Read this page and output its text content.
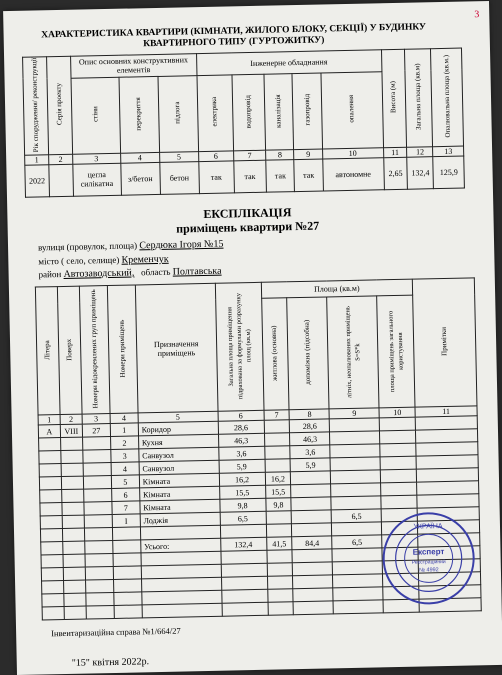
3
ХАРАКТЕРИСТИКА КВАРТИРИ (КІМНАТИ, ЖИЛОГО БЛОКУ, СЕКЦІЇ) У БУДИНКУ КВАРТИРНОГО ТИПУ (ГУРТОЖИТКУ)
Рік спорудження/ реконструкції	Серія проекту	Опис основних конструктивних елементів			Інженерне обладнання					Висота (м)	Загальна площа (кв.м)	Опалювальна площа (кв.м.)
		стіни	перекриття	підлога	електрика	водопровід	каналізація	газопровід	опалення			
1	2	3	4	5	6	7	8	9	10	11	12	13
2022		цегла силікатна	з/бетон	бетон	так	так	так	так	автономне	2,65	132,4	125,9
ЕКСПЛІКАЦІЯ
приміщень квартири №27
вулиця (провулок, площа) Сердюка Ігоря №15
місто ( село, селище) Кременчук
район Автозаводський, область Полтавська
Літера	Поверх	Номери відокремлених груп приміщень	Номери приміщень	Призначення приміщень	Загальна площа приміщення підрахована за формулами розрахунку площ (кв.м)	Площа (кв.м)				Примітки
						житлова (основна)	допоміжна (підсобна)	літніх, неопалюваних приміщень S=S*k	площа приміщень загального користування	
1	2	3	4	5	6	7	8	9	10	11
А	VIII	27	1	Коридор	28,6		28,6			
			2	Кухня	46,3		46,3			
			3	Санвузол	3,6		3,6			
			4	Санвузол	5,9		5,9			
			5	Кімната	16,2	16,2				
			6	Кімната	15,5	15,5				
			7	Кімната	9,8	9,8				
			I	Лоджія	6,5			6,5		

				Усього:	132,4	41,5	84,4	6,5		

Інвентаризаційна справа №1/664/27
"15" квітня 2022р.
УКРАЇНА
Експерт
Реєстраційний
№ 4992
